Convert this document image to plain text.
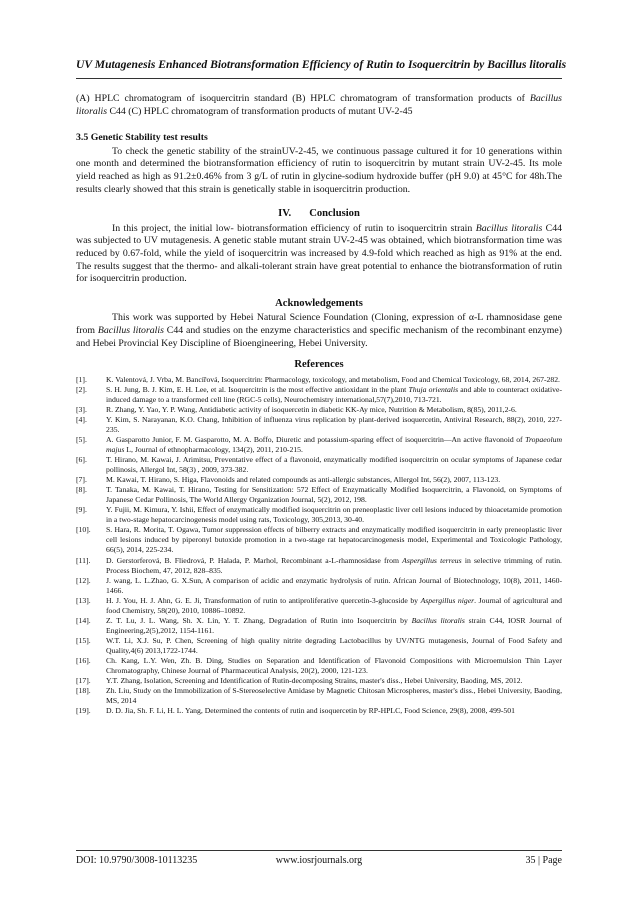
UV Mutagenesis Enhanced Biotransformation Efficiency of Rutin to Isoquercitrin by Bacillus litoralis

(A) HPLC chromatogram of isoquercitrin standard (B) HPLC chromatogram of transformation products of Bacillus litoralis C44 (C) HPLC chromatogram of transformation products of mutant UV-2-45

3.5 Genetic Stability test results

To check the genetic stability of the strainUV-2-45, we continuous passage cultured it for 10 generations within one month and determined the biotransformation efficiency of rutin to isoquercitrin by mutant strain UV-2-45. Its mole yield reached as high as 91.2±0.46% from 3 g/L of rutin in glycine-sodium hydroxide buffer (pH 9.0) at 45°C for 48h.The results clearly showed that this strain is genetically stable in isoquercitrin production.

IV. Conclusion

In this project, the initial low- biotransformation efficiency of rutin to isoquercitrin strain Bacillus litoralis C44 was subjected to UV mutagenesis. A genetic stable mutant strain UV-2-45 was obtained, which biotransformation time was reduced by 0.67-fold, while the yield of isoquercitrin was increased by 4.9-fold which reached as high as 91% at the end. The results suggest that the thermo- and alkali-tolerant strain have great potential to enhance the biotransformation of rutin for isoquercitrin production.

Acknowledgements

This work was supported by Hebei Natural Science Foundation (Cloning, expression of α-L rhamnosidase gene from Bacillus litoralis C44 and studies on the enzyme characteristics and specific mechanism of the recombinant enzyme) and Hebei Provincial Key Discipline of Bioengineering, Hebei University.

References
[1].	K. Valentová, J. Vrba, M. Bancířová, Isoquercitrin: Pharmacology, toxicology, and metabolism, Food and Chemical Toxicology, 68, 2014, 267-282.
[2].	S. H. Jung, B. J. Kim, E. H. Lee, et al. Isoquercitrin is the most effective antioxidant in the plant Thuja orientalis and able to counteract oxidative-induced damage to a transformed cell line (RGC-5 cells), Neurochemistry international,57(7),2010, 713-721.
[3].	R. Zhang, Y. Yao, Y. P. Wang, Antidiabetic activity of isoquercetin in diabetic KK-Ay mice, Nutrition & Metabolism, 8(85), 2011,2-6.
[4].	Y. Kim, S. Narayanan, K.O. Chang, Inhibition of influenza virus replication by plant-derived isoquercetin, Antiviral Research, 88(2), 2010, 227-235.
[5].	A. Gasparotto Junior, F. M. Gasparotto, M. A. Boffo, Diuretic and potassium-sparing effect of isoquercitrin—An active flavonoid of Tropaeolum majus L, Journal of ethnopharmacology, 134(2), 2011, 210-215.
[6].	T. Hirano, M. Kawai, J. Arimitsu, Preventative effect of a flavonoid, enzymatically modified isoquercitrin on ocular symptoms of Japanese cedar pollinosis, Allergol Int, 58(3) , 2009, 373-382.
[7].	M. Kawai, T. Hirano, S. Higa, Flavonoids and related compounds as anti-allergic substances, Allergol Int, 56(2), 2007, 113-123.
[8].	T. Tanaka, M. Kawai, T. Hirano, Testing for Sensitization: 572 Effect of Enzymatically Modified Isoquercitrin, a Flavonoid, on Symptoms of Japanese Cedar Pollinosis, The World Allergy Organization Journal, 5(2), 2012, 198.
[9].	Y. Fujii, M. Kimura, Y. Ishii, Effect of enzymatically modified isoquercitrin on preneoplastic liver cell lesions induced by thioacetamide promotion in a two-stage hepatocarcinogenesis model using rats, Toxicology, 305,2013, 30-40.
[10].	S. Hara, R. Morita, T. Ogawa, Tumor suppression effects of bilberry extracts and enzymatically modified isoquercitrin in early preneoplastic liver cell lesions induced by piperonyl butoxide promotion in a two-stage rat hepatocarcinogenesis model, Experimental and Toxicologic Pathology, 66(5), 2014, 225-234.
[11].	D. Gerstorferová, B. Fliedrová, P. Halada, P. Marhol, Recombinant a-L-rhamnosidase from Aspergillus terreus in selective trimming of rutin. Process Biochem, 47, 2012, 828–835.
[12].	J. wang, L. L.Zhao, G. X.Sun, A comparison of acidic and enzymatic hydrolysis of rutin. African Journal of Biotechnology, 10(8), 2011, 1460-1466.
[13].	H. J. You, H. J. Ahn, G. E. Ji, Transformation of rutin to antiproliferative quercetin-3-glucoside by Aspergillus niger. Journal of agricultural and food Chemistry, 58(20), 2010, 10886–10892.
[14].	Z. T. Lu, J. L. Wang, Sh. X. Lin, Y. T. Zhang, Degradation of Rutin into Isoquercitrin by Bacillus litoralis strain C44, IOSR Journal of Engineering,2(5),2012, 1154-1161.
[15].	W.T. Li, X.J. Su, P. Chen, Screening of high quality nitrite degrading Lactobacillus by UV/NTG mutagenesis, Journal of Food Safety and Quality,4(6) 2013,1722-1744.
[16].	Ch. Kang, L.Y. Wen, Zh. B. Ding, Studies on Separation and Identification of Flavonoid Compositions with Microemulsion Thin Layer Chromatography, Chinese Journal of Pharmaceutical Analysis, 20(2), 2000, 121-123.
[17].	Y.T. Zhang, Isolation, Screening and Identification of Rutin-decomposing Strains, master's diss., Hebei University, Baoding, MS, 2012.
[18].	Zh. Liu, Study on the Immobilization of S-Stereoselective Amidase by Magnetic Chitosan Microspheres, master's diss., Hebei University, Baoding, MS, 2014
[19].	D. D. Jia, Sh. F. Li, H. L. Yang, Determined the contents of rutin and isoquercetin by RP-HPLC, Food Science, 29(8), 2008, 499-501
DOI: 10.9790/3008-10113235	www.iosrjournals.org	35 | Page
